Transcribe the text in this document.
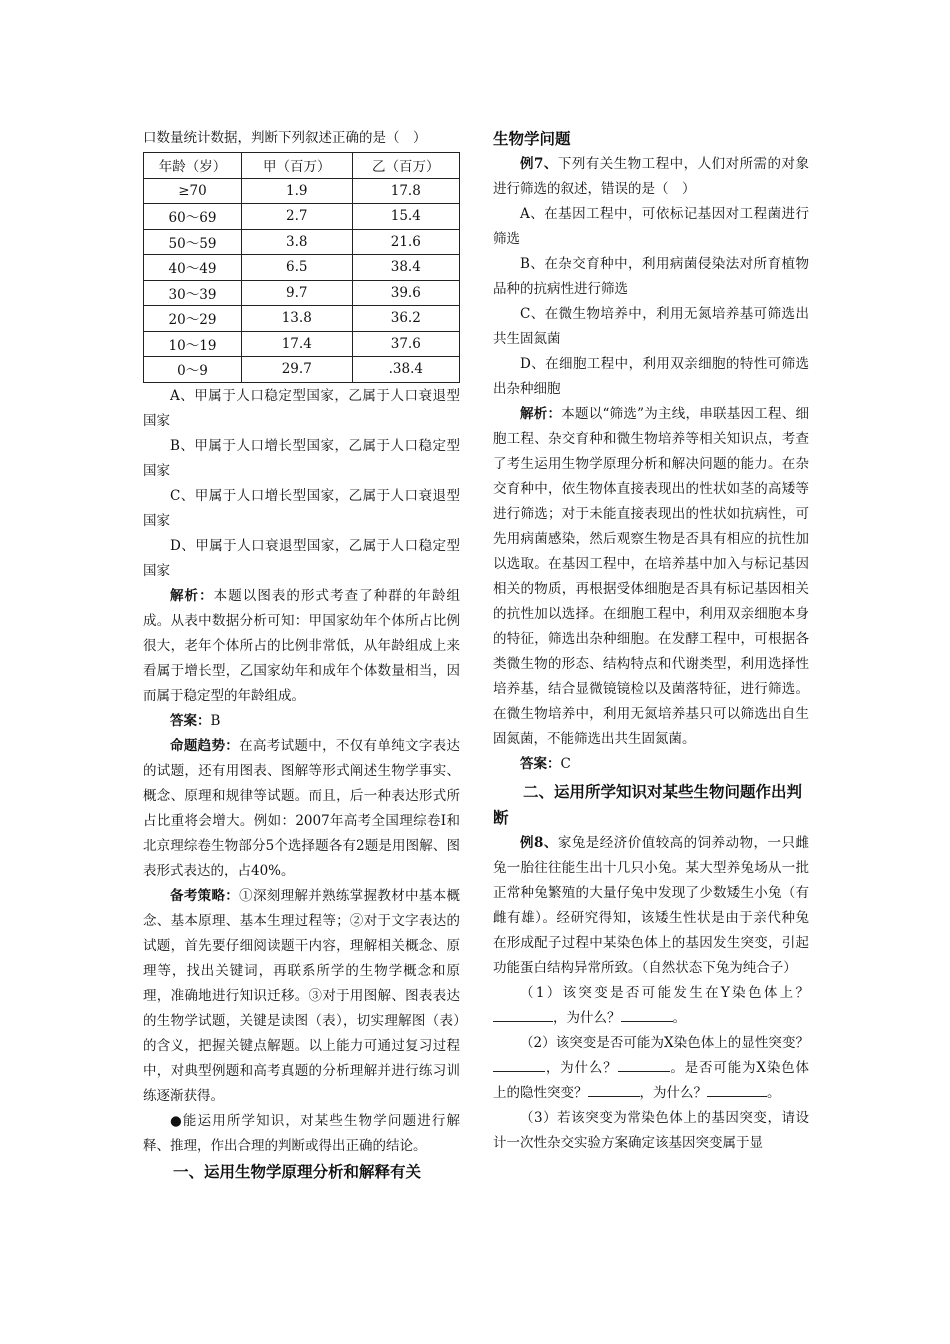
口数量统计数据，判断下列叙述正确的是（　）

年龄（岁）	甲（百万）	乙（百万）
≥70	1.9	17.8
60～69	2.7	15.4
50～59	3.8	21.6
40～49	6.5	38.4
30～39	9.7	39.6
20～29	13.8	36.2
10～19	17.4	37.6
0～9	29.7	.38.4

A、甲属于人口稳定型国家，乙属于人口衰退型国家

B、甲属于人口增长型国家，乙属于人口稳定型国家

C、甲属于人口增长型国家，乙属于人口衰退型国家

D、甲属于人口衰退型国家，乙属于人口稳定型国家

解析：本题以图表的形式考查了种群的年龄组成。从表中数据分析可知：甲国家幼年个体所占比例很大，老年个体所占的比例非常低，从年龄组成上来看属于增长型，乙国家幼年和成年个体数量相当，因而属于稳定型的年龄组成。

答案：B

命题趋势：在高考试题中，不仅有单纯文字表达的试题，还有用图表、图解等形式阐述生物学事实、概念、原理和规律等试题。而且，后一种表达形式所占比重将会增大。例如：2007年高考全国理综卷Ⅰ和北京理综卷生物部分5个选择题各有2题是用图解、图表形式表达的，占40%。

备考策略：①深刻理解并熟练掌握教材中基本概念、基本原理、基本生理过程等；②对于文字表达的试题，首先要仔细阅读题干内容，理解相关概念、原理等，找出关键词，再联系所学的生物学概念和原理，准确地进行知识迁移。③对于用图解、图表表达的生物学试题，关键是读图（表），切实理解图（表）的含义，把握关键点解题。以上能力可通过复习过程中，对典型例题和高考真题的分析理解并进行练习训练逐渐获得。

●能运用所学知识，对某些生物学问题进行解释、推理，作出合理的判断或得出正确的结论。

一、运用生物学原理分析和解释有关
生物学问题

例7、下列有关生物工程中，人们对所需的对象进行筛选的叙述，错误的是（　）

A、在基因工程中，可依标记基因对工程菌进行筛选

B、在杂交育种中，利用病菌侵染法对所育植物品种的抗病性进行筛选

C、在微生物培养中，利用无氮培养基可筛选出共生固氮菌

D、在细胞工程中，利用双亲细胞的特性可筛选出杂种细胞

解析：本题以“筛选”为主线，串联基因工程、细胞工程、杂交育种和微生物培养等相关知识点，考查了考生运用生物学原理分析和解决问题的能力。在杂交育种中，依生物体直接表现出的性状如茎的高矮等进行筛选；对于未能直接表现出的性状如抗病性，可先用病菌感染，然后观察生物是否具有相应的抗性加以选取。在基因工程中，在培养基中加入与标记基因相关的物质，再根据受体细胞是否具有标记基因相关的抗性加以选择。在细胞工程中，利用双亲细胞本身的特征，筛选出杂种细胞。在发酵工程中，可根据各类微生物的形态、结构特点和代谢类型，利用选择性培养基，结合显微镜镜检以及菌落特征，进行筛选。在微生物培养中，利用无氮培养基只可以筛选出自生固氮菌，不能筛选出共生固氮菌。

答案：C

二、运用所学知识对某些生物问题作出判断

例8、家兔是经济价值较高的饲养动物，一只雌兔一胎往往能生出十几只小兔。某大型养兔场从一批正常种兔繁殖的大量仔兔中发现了少数矮生小兔（有雌有雄）。经研究得知，该矮生性状是由于亲代种兔在形成配子过程中某染色体上的基因发生突变，引起功能蛋白结构异常所致。（自然状态下兔为纯合子）

（1）该突变是否可能发生在Y染色体上？，为什么？	。

（2）该突变是否可能为X染色体上的显性突变？，为什么？	。是否可能为X染色体上的隐性突变？	，为什么？	。

（3）若该突变为常染色体上的基因突变，请设计一次性杂交实验方案确定该基因突变属于显
